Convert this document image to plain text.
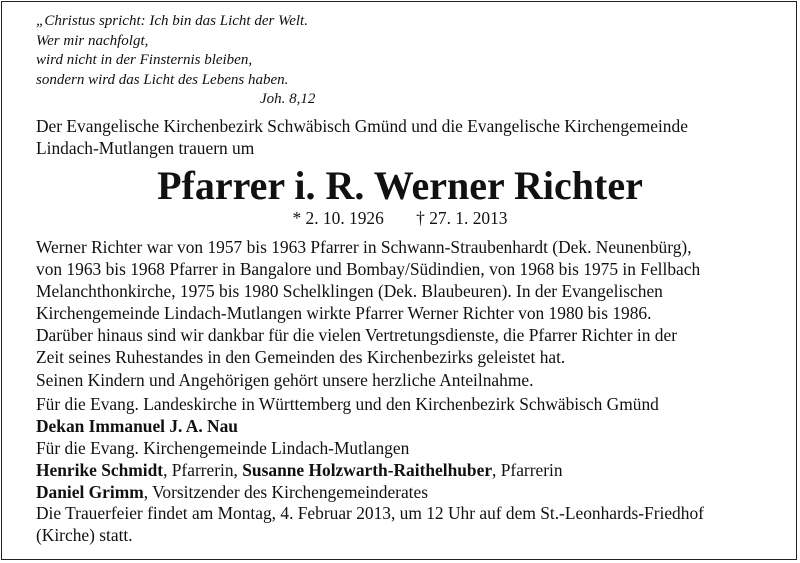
„Christus spricht: Ich bin das Licht der Welt.
Wer mir nachfolgt,
wird nicht in der Finsternis bleiben,
sondern wird das Licht des Lebens haben.
Joh. 8,12
Der Evangelische Kirchenbezirk Schwäbisch Gmünd und die Evangelische Kirchengemeinde
Lindach-Mutlangen trauern um
Pfarrer i. R. Werner Richter
* 2. 10. 1926 † 27. 1. 2013
Werner Richter war von 1957 bis 1963 Pfarrer in Schwann-Straubenhardt (Dek. Neunenbürg),
von 1963 bis 1968 Pfarrer in Bangalore und Bombay/Südindien, von 1968 bis 1975 in Fellbach
Melanchthonkirche, 1975 bis 1980 Schelklingen (Dek. Blaubeuren). In der Evangelischen
Kirchengemeinde Lindach-Mutlangen wirkte Pfarrer Werner Richter von 1980 bis 1986.
Darüber hinaus sind wir dankbar für die vielen Vertretungsdienste, die Pfarrer Richter in der
Zeit seines Ruhestandes in den Gemeinden des Kirchenbezirks geleistet hat.
Seinen Kindern und Angehörigen gehört unsere herzliche Anteilnahme.
Für die Evang. Landeskirche in Württemberg und den Kirchenbezirk Schwäbisch Gmünd
Dekan Immanuel J. A. Nau
Für die Evang. Kirchengemeinde Lindach-Mutlangen
Henrike Schmidt, Pfarrerin, Susanne Holzwarth-Raithelhuber, Pfarrerin
Daniel Grimm, Vorsitzender des Kirchengemeinderates
Die Trauerfeier findet am Montag, 4. Februar 2013, um 12 Uhr auf dem St.-Leonhards-Friedhof
(Kirche) statt.
